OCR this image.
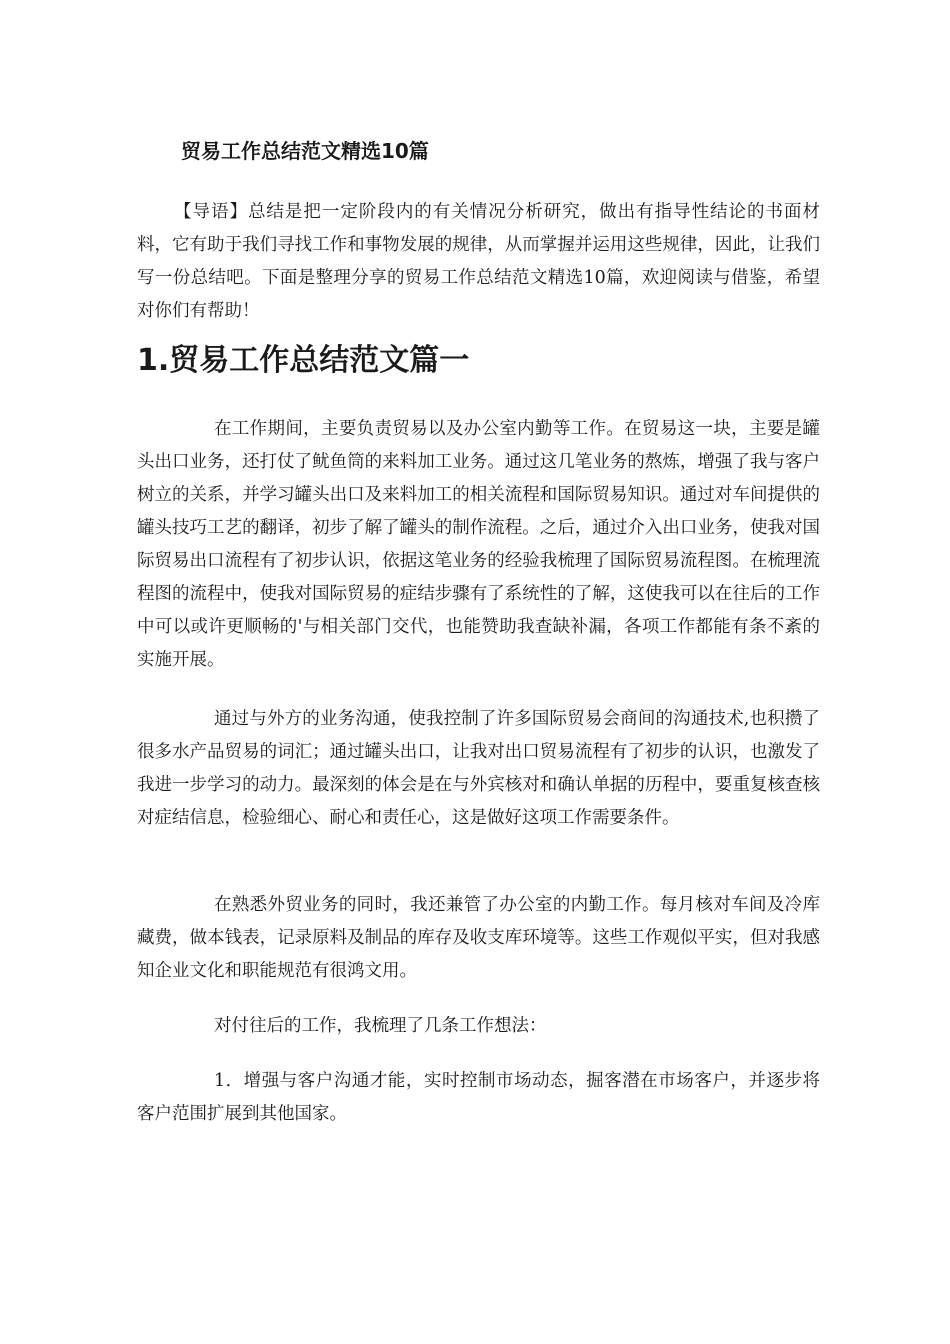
贸易工作总结范文精选10篇

【导语】总结是把一定阶段内的有关情况分析研究，做出有指导性结论的书面材料，它有助于我们寻找工作和事物发展的规律，从而掌握并运用这些规律，因此，让我们写一份总结吧。下面是整理分享的贸易工作总结范文精选10篇，欢迎阅读与借鉴，希望对你们有帮助！

1.贸易工作总结范文篇一

在工作期间，主要负责贸易以及办公室内勤等工作。在贸易这一块，主要是罐头出口业务，还打仗了鱿鱼筒的来料加工业务。通过这几笔业务的熬炼，增强了我与客户树立的关系，并学习罐头出口及来料加工的相关流程和国际贸易知识。通过对车间提供的罐头技巧工艺的翻译，初步了解了罐头的制作流程。之后，通过介入出口业务，使我对国际贸易出口流程有了初步认识，依据这笔业务的经验我梳理了国际贸易流程图。在梳理流程图的流程中，使我对国际贸易的症结步骤有了系统性的了解，这使我可以在往后的工作中可以或许更顺畅的'与相关部门交代，也能赞助我查缺补漏，各项工作都能有条不紊的实施开展。

通过与外方的业务沟通，使我控制了许多国际贸易会商间的沟通技术,也积攒了很多水产品贸易的词汇；通过罐头出口，让我对出口贸易流程有了初步的认识，也激发了我进一步学习的动力。最深刻的体会是在与外宾核对和确认单据的历程中，要重复核查核对症结信息，检验细心、耐心和责任心，这是做好这项工作需要条件。

在熟悉外贸业务的同时，我还兼管了办公室的内勤工作。每月核对车间及冷库藏费，做本钱表，记录原料及制品的库存及收支库环境等。这些工作观似平实，但对我感知企业文化和职能规范有很鸿文用。

对付往后的工作，我梳理了几条工作想法：

1．增强与客户沟通才能，实时控制市场动态，掘客潜在市场客户，并逐步将客户范围扩展到其他国家。
